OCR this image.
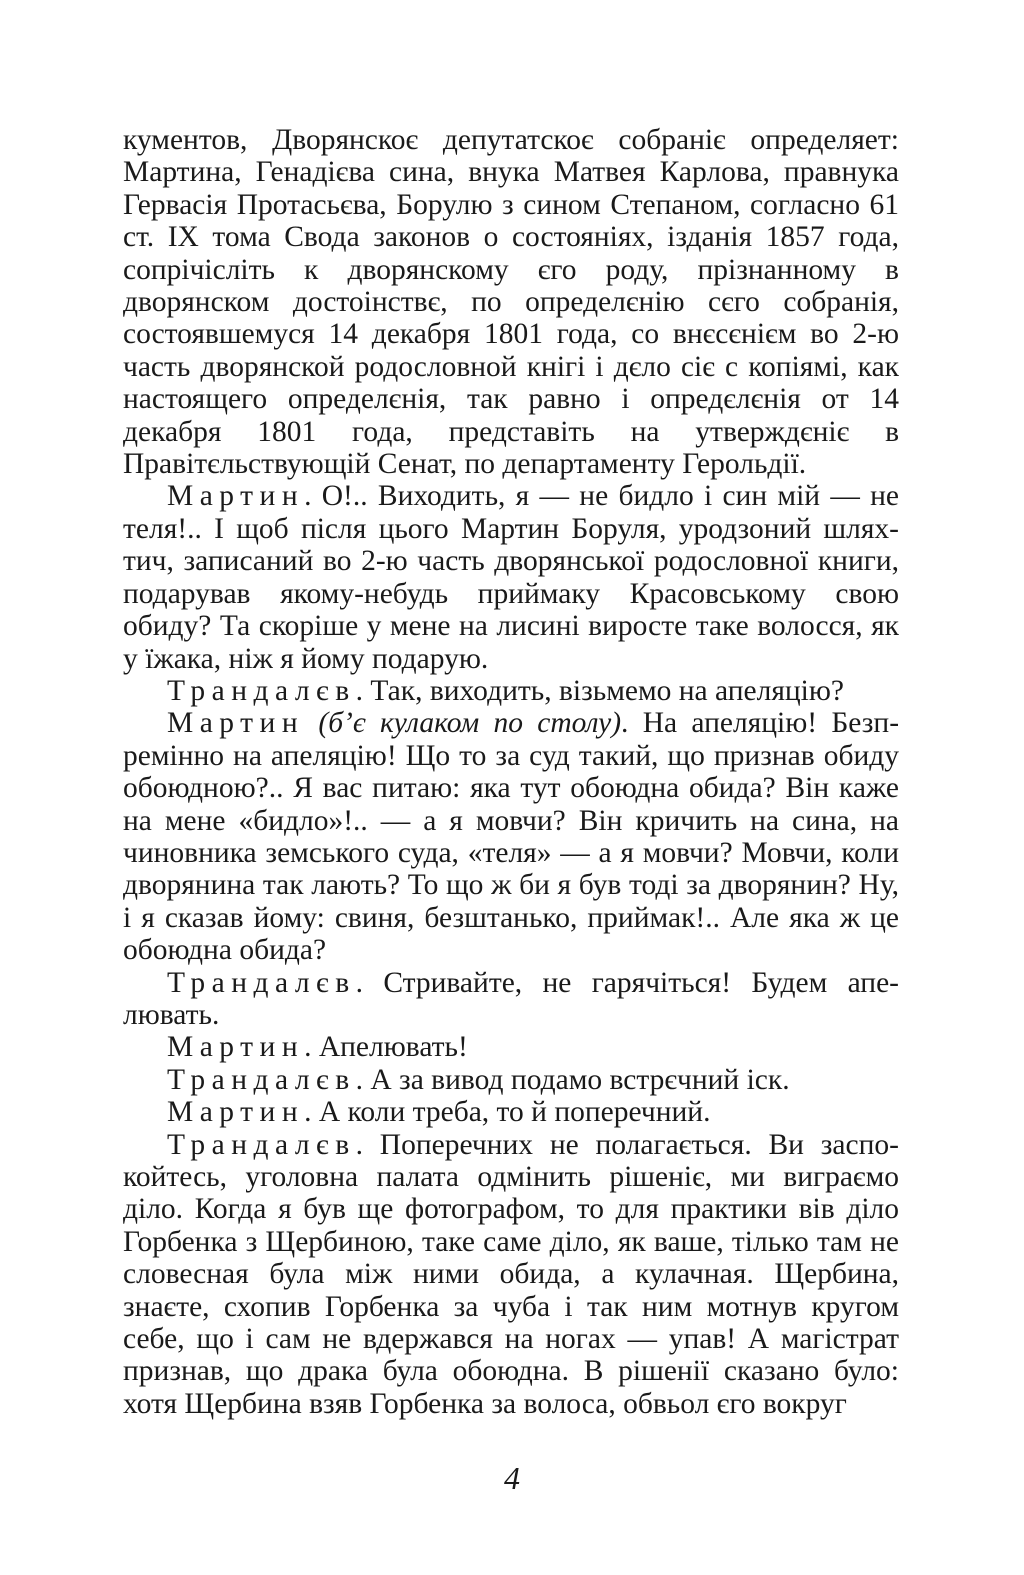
кументов, Дворянскоє депутатскоє собраніє определяет: Мартина, Генадієва сина, внука Матвея Карлова, правнука Гервасія Протасьєва, Борулю з сином Степаном, согласно 61 ст. IX тома Свода законов о состояніях, ізданія 1857 года, сопрічісліть к дворянскому єго роду, прізнанному в дворянском достоінствє, по определєнію сєго собранія, состоявшемуся 14 декабря 1801 года, со внєсєнієм во 2-ю часть дворянской родословной кнігі і дєло сіє с копіямі, как настоящего определєнія, так равно і опредєлєнія от 14 декабря 1801 года, представіть на утверждєніє в Правітєльствующій Сенат, по департаменту Герольдії.

Мартин. О!.. Виходить, я — не бидло і син мій — не теля!.. І щоб після цього Мартин Боруля, уродзоний шляхтич, записаний во 2-ю часть дворянської родословної книги, подарував якому-небудь приймаку Красовському свою обиду? Та скоріше у мене на лисині виросте таке волосся, як у їжака, ніж я йому подарую.

Трандалєв. Так, виходить, візьмемо на апеляцію?

Мартин (б’є кулаком по столу). На апеляцію! Безпремінно на апеляцію! Що то за суд такий, що признав обиду обоюдною?.. Я вас питаю: яка тут обоюдна обида? Він каже на мене «бидло»!.. — а я мовчи? Він кричить на сина, на чиновника земського суда, «теля» — а я мовчи? Мовчи, коли дворянина так лають? То що ж би я був тоді за дворянин? Ну, і я сказав йому: свиня, безштанько, приймак!.. Але яка ж це обоюдна обида?

Трандалєв. Стривайте, не гарячіться! Будем апелювать.

Мартин. Апелювать!

Трандалєв. А за вивод подамо встрєчний іск.

Мартин. А коли треба, то й поперечний.

Трандалєв. Поперечних не полагається. Ви заспокойтесь, уголовна палата одмінить рішеніє, ми виграємо діло. Когда я був ще фотографом, то для практики вів діло Горбенка з Щербиною, таке саме діло, як ваше, тілько там не словесная була між ними обида, а кулачная. Щербина, знаєте, схопив Горбенка за чуба і так ним мотнув кругом себе, що і сам не вдержався на ногах — упав! А магістрат признав, що драка була обоюдна. В рішенії сказано було: хотя Щербина взяв Горбенка за волоса, обвьол єго вокруг

4
